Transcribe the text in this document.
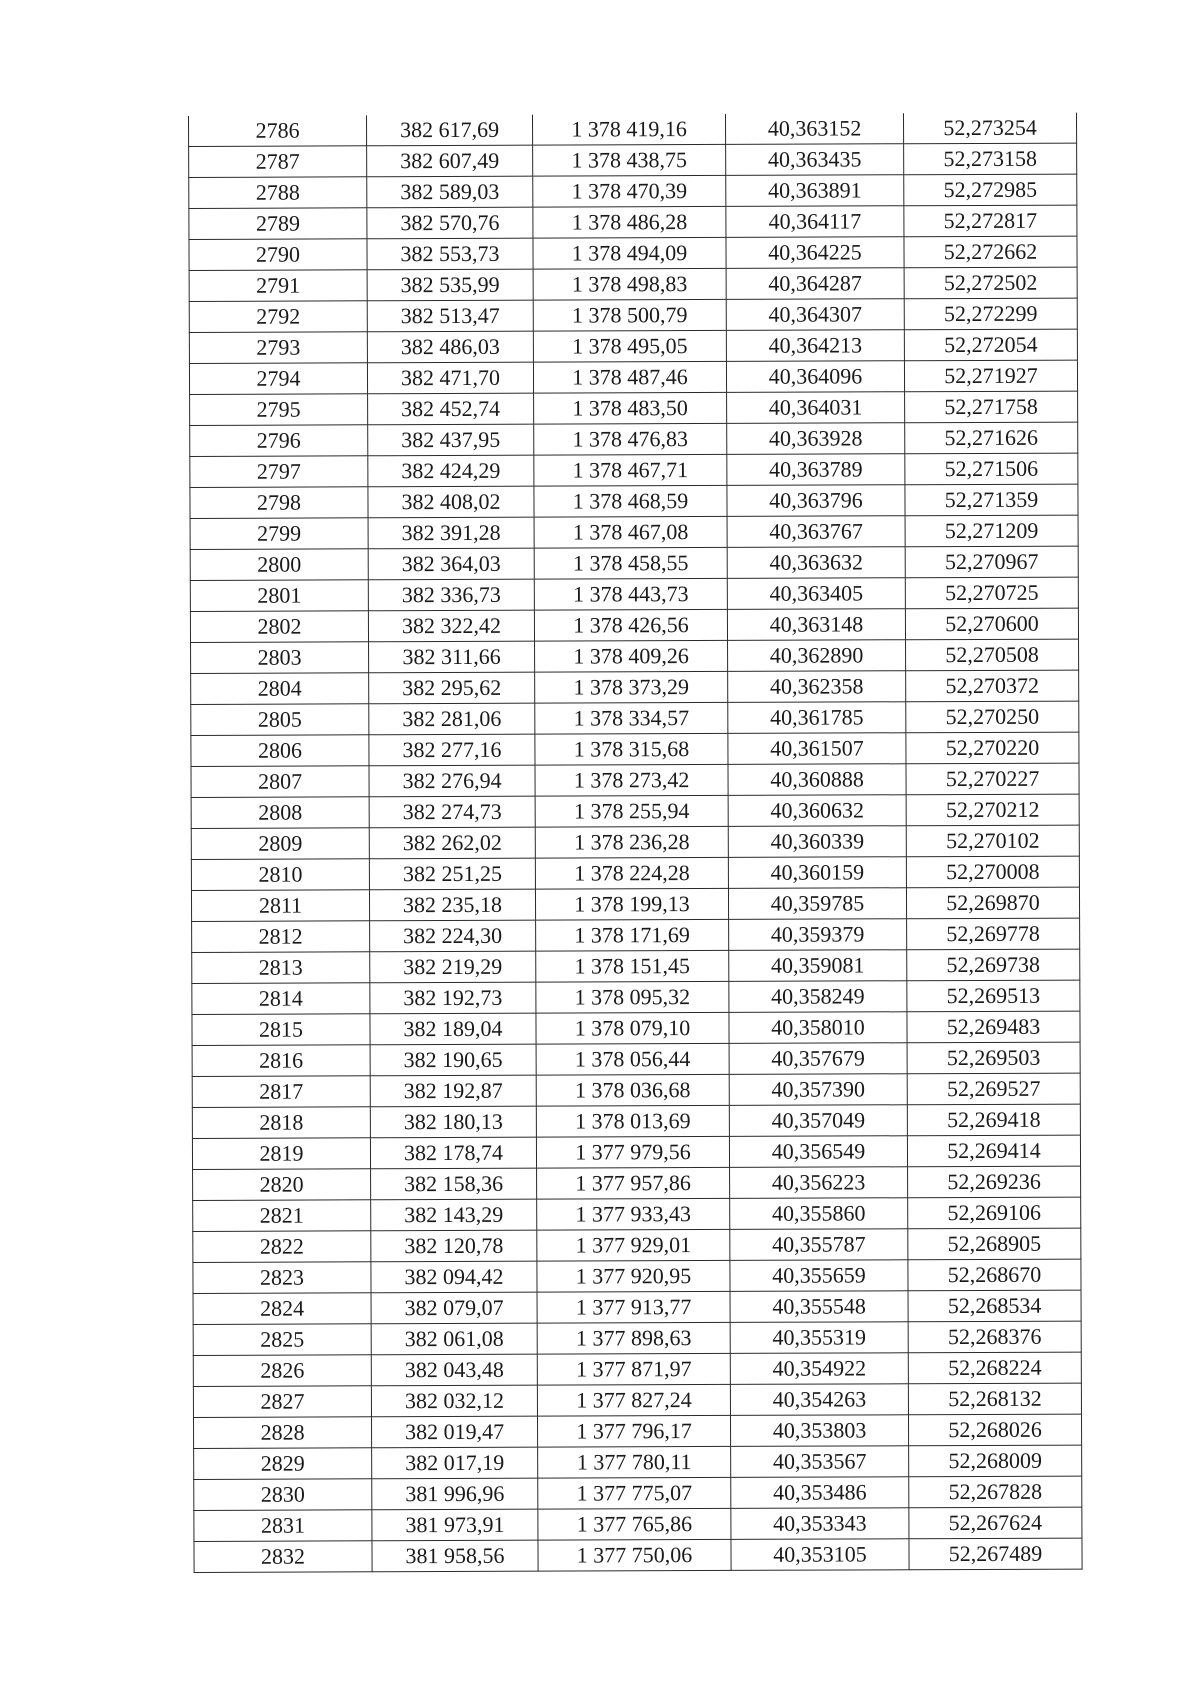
2786	382 617,69	1 378 419,16	40,363152	52,273254
2787	382 607,49	1 378 438,75	40,363435	52,273158
2788	382 589,03	1 378 470,39	40,363891	52,272985
2789	382 570,76	1 378 486,28	40,364117	52,272817
2790	382 553,73	1 378 494,09	40,364225	52,272662
2791	382 535,99	1 378 498,83	40,364287	52,272502
2792	382 513,47	1 378 500,79	40,364307	52,272299
2793	382 486,03	1 378 495,05	40,364213	52,272054
2794	382 471,70	1 378 487,46	40,364096	52,271927
2795	382 452,74	1 378 483,50	40,364031	52,271758
2796	382 437,95	1 378 476,83	40,363928	52,271626
2797	382 424,29	1 378 467,71	40,363789	52,271506
2798	382 408,02	1 378 468,59	40,363796	52,271359
2799	382 391,28	1 378 467,08	40,363767	52,271209
2800	382 364,03	1 378 458,55	40,363632	52,270967
2801	382 336,73	1 378 443,73	40,363405	52,270725
2802	382 322,42	1 378 426,56	40,363148	52,270600
2803	382 311,66	1 378 409,26	40,362890	52,270508
2804	382 295,62	1 378 373,29	40,362358	52,270372
2805	382 281,06	1 378 334,57	40,361785	52,270250
2806	382 277,16	1 378 315,68	40,361507	52,270220
2807	382 276,94	1 378 273,42	40,360888	52,270227
2808	382 274,73	1 378 255,94	40,360632	52,270212
2809	382 262,02	1 378 236,28	40,360339	52,270102
2810	382 251,25	1 378 224,28	40,360159	52,270008
2811	382 235,18	1 378 199,13	40,359785	52,269870
2812	382 224,30	1 378 171,69	40,359379	52,269778
2813	382 219,29	1 378 151,45	40,359081	52,269738
2814	382 192,73	1 378 095,32	40,358249	52,269513
2815	382 189,04	1 378 079,10	40,358010	52,269483
2816	382 190,65	1 378 056,44	40,357679	52,269503
2817	382 192,87	1 378 036,68	40,357390	52,269527
2818	382 180,13	1 378 013,69	40,357049	52,269418
2819	382 178,74	1 377 979,56	40,356549	52,269414
2820	382 158,36	1 377 957,86	40,356223	52,269236
2821	382 143,29	1 377 933,43	40,355860	52,269106
2822	382 120,78	1 377 929,01	40,355787	52,268905
2823	382 094,42	1 377 920,95	40,355659	52,268670
2824	382 079,07	1 377 913,77	40,355548	52,268534
2825	382 061,08	1 377 898,63	40,355319	52,268376
2826	382 043,48	1 377 871,97	40,354922	52,268224
2827	382 032,12	1 377 827,24	40,354263	52,268132
2828	382 019,47	1 377 796,17	40,353803	52,268026
2829	382 017,19	1 377 780,11	40,353567	52,268009
2830	381 996,96	1 377 775,07	40,353486	52,267828
2831	381 973,91	1 377 765,86	40,353343	52,267624
2832	381 958,56	1 377 750,06	40,353105	52,267489
